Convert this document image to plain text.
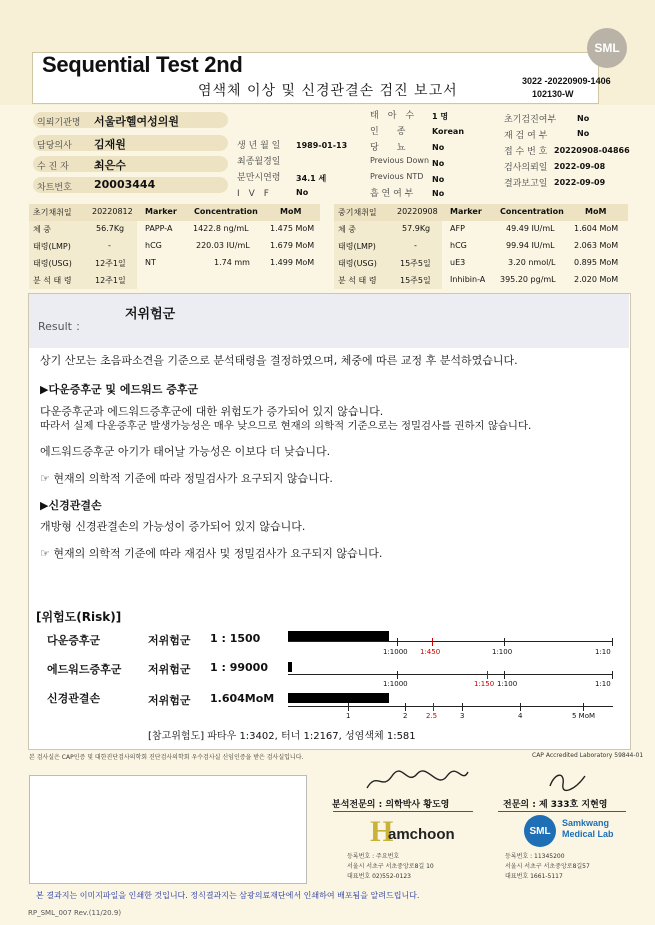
Sequential Test 2nd
염색체 이상 및 신경관결손 검진 보고서
SML
3022 -20220909-1406
102130-W
의뢰기관명 서울라헬여성의원
담당의사 김재원
수 진 자 최은수
차트번호 20003444
생 년 월 일 1989-01-13
최종월경일
분만시연령 34.1 세
I　V　F	No
태　아　수 1 명
인　　종	Korean
당　　뇨	No
Previous Down No
Previous NTD No
흡 연 여 부 No
초기검진여부	No
재 검 여 부	No
접 수 번 호 20220908-04866
검사의뢰일 2022-09-08
결과보고일 2022-09-09
초기채취일	20220812 Marker Concentration	MoM
체 중	56.7Kg
태령(LMP)	-
태령(USG)	12주1일
분 석 태 령	12주1일
PAPP-A	1422.8 ng/mL	1.475 MoM
hCG	220.03 IU/mL	1.679 MoM
NT	1.74 mm	1.499 MoM
중기채취일	20220908 Marker Concentration	MoM
체 중	57.9Kg
태령(LMP)	-
태령(USG)	15주5일
분 석 태 령	15주5일
AFP	49.49 IU/mL 1.604 MoM
hCG	99.94 IU/mL 2.063 MoM
uE3	3.20 nmol/L 0.895 MoM
Inhibin-A 395.20 pg/mL 2.020 MoM
Result ：
저위험군
상기 산모는 초음파소견을 기준으로 분석태령을 결정하였으며, 체중에 따른 교정 후 분석하였습니다.
▶다운증후군 및 에드워드 증후군
다운증후군과 에드워드증후군에 대한 위험도가 증가되어 있지 않습니다.
따라서 실제 다운증후군 발생가능성은 매우 낮으므로 현재의 의학적 기준으로는 정밀검사를 권하지 않습니다.
에드워드증후군 아기가 태어날 가능성은 이보다 더 낮습니다.
☞ 현재의 의학적 기준에 따라 정밀검사가 요구되지 않습니다.
▶신경관결손
개방형 신경관결손의 가능성이 증가되어 있지 않습니다.
☞ 현재의 의학적 기준에 따라 재검사 및 정밀검사가 요구되지 않습니다.
[위험도(Risk)]
다운증후군	저위험군 1 : 1500
1:1000 1:450	1:100	1:10
에드워드증후군 저위험군 1 : 99000
1:1000	1:150 1:100	1:10
신경관결손	저위험군 1.604MoM
1	2	2.5	3	4	5 MoM
[참고위험도] 파타우 1:3402, 터너 1:2167, 성염색체 1:581
본 검사실은 CAP인증 및 대한진단검사의학회 진단검사의학회 우수검사실 신임인증을 받은 검사실입니다.	CAP Accredited Laboratory 59844-01
분석전문의 : 의학박사 황도영	전문의 : 제 333호 지현영
H
amchoon	SML
Samkwang Medical Lab
등록번호 : 주요번호
서울시 서초구 서초중앙로8길 10
대표번호 02)552-0123
등록번호 : 11345200
서울시 서초구 서초중앙로8길57
대표번호 1661-5117
본 결과지는 이미지파일을 인쇄한 것입니다. 정식결과지는 삼광의료재단에서 인쇄하여 배포됨을 알려드립니다.
RP_SML_007 Rev.(11/20.9)
